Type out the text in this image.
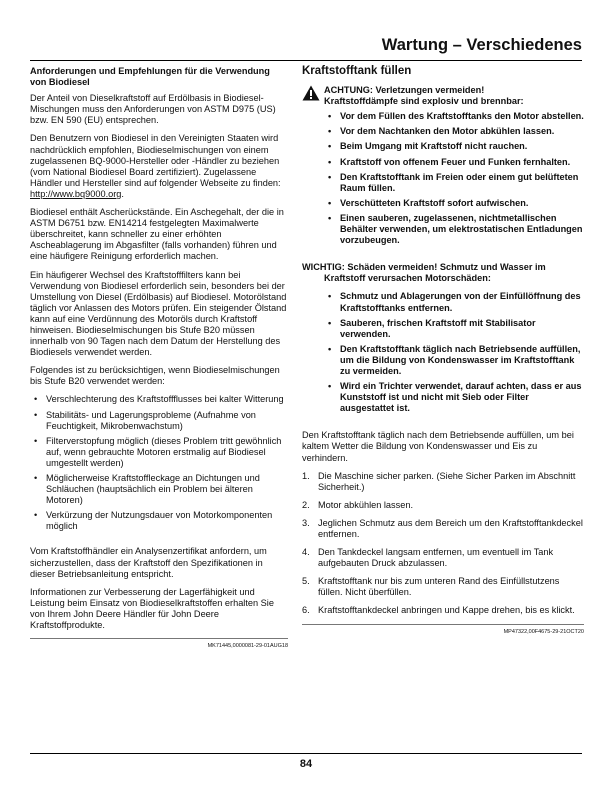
Wartung – Verschiedenes
Anforderungen und Empfehlungen für die Verwendung von Biodiesel

Der Anteil von Dieselkraftstoff auf Erdölbasis in Biodiesel-Mischungen muss den Anforderungen von ASTM D975 (US) bzw. EN 590 (EU) entsprechen.

Den Benutzern von Biodiesel in den Vereinigten Staaten wird nachdrücklich empfohlen, Biodieselmischungen von einem zugelassenen BQ-9000-Hersteller oder -Händler zu beziehen (vom National Biodiesel Board zertifiziert). Zugelassene Händler und Hersteller sind auf folgender Webseite zu finden: http://www.bq9000.org.

Biodiesel enthält Ascherückstände. Ein Aschegehalt, der die in ASTM D6751 bzw. EN14214 festgelegten Maximalwerte überschreitet, kann schneller zu einer erhöhten Ascheablagerung im Abgasfilter (falls vorhanden) führen und eine häufigere Reinigung erforderlich machen.

Ein häufigerer Wechsel des Kraftstofffilters kann bei Verwendung von Biodiesel erforderlich sein, besonders bei der Umstellung von Diesel (Erdölbasis) auf Biodiesel. Motorölstand täglich vor Anlassen des Motors prüfen. Ein steigender Ölstand kann auf eine Verdünnung des Motoröls durch Kraftstoff hinweisen. Biodieselmischungen bis Stufe B20 müssen innerhalb von 90 Tagen nach dem Datum der Herstellung des Biodiesels verwendet werden.

Folgendes ist zu berücksichtigen, wenn Biodieselmischungen bis Stufe B20 verwendet werden:

• Verschlechterung des Kraftstoffflusses bei kalter Witterung
• Stabilitäts- und Lagerungsprobleme (Aufnahme von Feuchtigkeit, Mikrobenwachstum)
• Filterverstopfung möglich (dieses Problem tritt gewöhnlich auf, wenn gebrauchte Motoren erstmalig auf Biodiesel umgestellt werden)
• Möglicherweise Kraftstoffleckage an Dichtungen und Schläuchen (hauptsächlich ein Problem bei älteren Motoren)
• Verkürzung der Nutzungsdauer von Motorkomponenten möglich

Vom Kraftstoffhändler ein Analysenzertifikat anfordern, um sicherzustellen, dass der Kraftstoff den Spezifikationen in dieser Betriebsanleitung entspricht.

Informationen zur Verbesserung der Lagerfähigkeit und Leistung beim Einsatz von Biodieselkraftstoffen erhalten Sie von Ihrem John Deere Händler für John Deere Kraftstoffprodukte.

MK71445,0000081-29-01AUG18
Kraftstofftank füllen
ACHTUNG: Verletzungen vermeiden!
Kraftstoffdämpfe sind explosiv und brennbar:
• Vor dem Füllen des Kraftstofftanks den Motor abstellen.
• Vor dem Nachtanken den Motor abkühlen lassen.
• Beim Umgang mit Kraftstoff nicht rauchen.
• Kraftstoff von offenem Feuer und Funken fernhalten.
• Den Kraftstofftank im Freien oder einem gut belüfteten Raum füllen.
• Verschütteten Kraftstoff sofort aufwischen.
• Einen sauberen, zugelassenen, nichtmetallischen Behälter verwenden, um elektrostatischen Entladungen vorzubeugen.

WICHTIG: Schäden vermeiden! Schmutz und Wasser im Kraftstoff verursachen Motorschäden:

• Schmutz und Ablagerungen von der Einfüllöffnung des Kraftstofftanks entfernen.
• Sauberen, frischen Kraftstoff mit Stabilisator verwenden.
• Den Kraftstofftank täglich nach Betriebsende auffüllen, um die Bildung von Kondenswasser im Kraftstofftank zu vermeiden.
• Wird ein Trichter verwendet, darauf achten, dass er aus Kunststoff ist und nicht mit Sieb oder Filter ausgestattet ist.

Den Kraftstofftank täglich nach dem Betriebsende auffüllen, um bei kaltem Wetter die Bildung von Kondenswasser und Eis zu verhindern.

1. Die Maschine sicher parken. (Siehe Sicher Parken im Abschnitt Sicherheit.)
2. Motor abkühlen lassen.
3. Jeglichen Schmutz aus dem Bereich um den Kraftstofftankdeckel entfernen.
4. Den Tankdeckel langsam entfernen, um eventuell im Tank aufgebauten Druck abzulassen.
5. Kraftstofftank nur bis zum unteren Rand des Einfüllstutzens füllen. Nicht überfüllen.
6. Kraftstofftankdeckel anbringen und Kappe drehen, bis es klickt.
MP47322,00F4675-29-21OCT20
84
